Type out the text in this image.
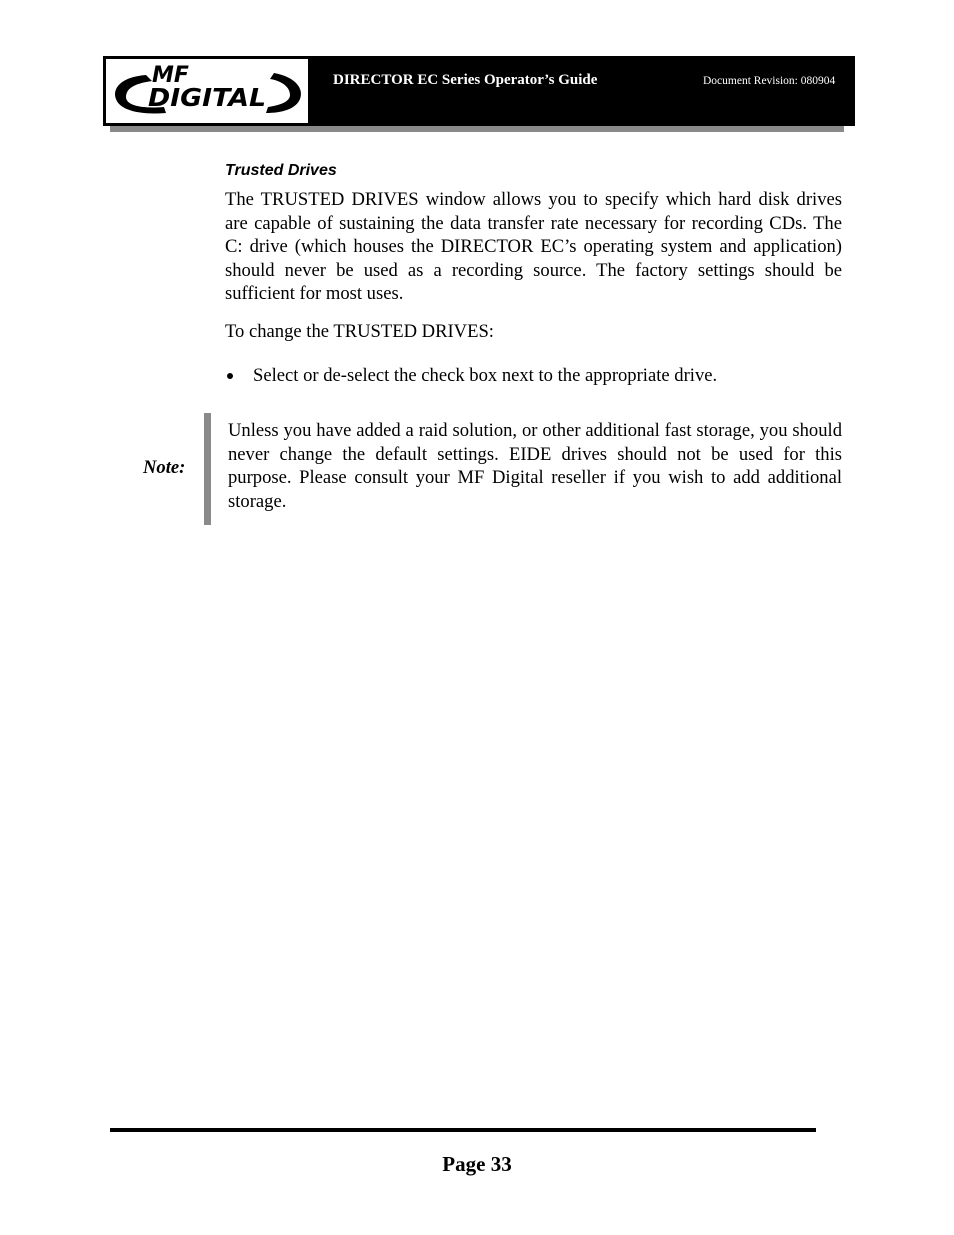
MF
DIGITAL
DIRECTOR EC Series Operator’s Guide	Document Revision: 080904
Trusted Drives

The TRUSTED DRIVES window allows you to specify which hard disk drives are capable of sustaining the data transfer rate necessary for recording CDs. The C: drive (which houses the DIRECTOR EC’s operating system and application) should never be used as a recording source. The factory settings should be sufficient for most uses.

To change the TRUSTED DRIVES:

Select or de-select the check box next to the appropriate drive.
Note:

Unless you have added a raid solution, or other additional fast storage, you should never change the default settings. EIDE drives should not be used for this purpose. Please consult your MF Digital reseller if you wish to add additional storage.

Page 33
